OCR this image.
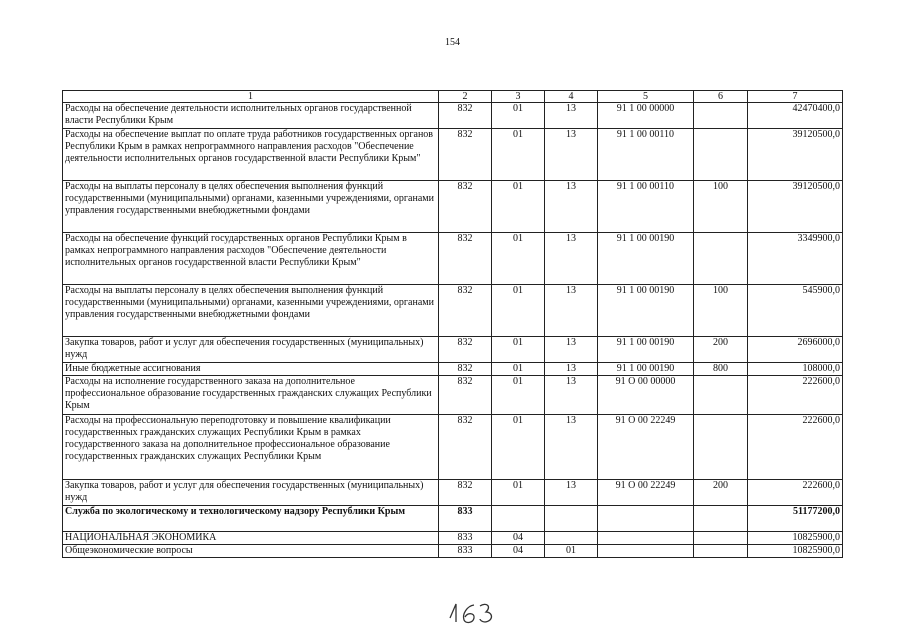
154
1	2	3	4	5	6	7
Расходы на обеспечение деятельности исполнительных органов государственной власти Республики Крым	832	01	13	91 1 00 00000		42470400,0
Расходы на обеспечение выплат по оплате труда работников государственных органов Республики Крым в рамках непрограммного направления расходов "Обеспечение деятельности исполнительных органов государственной власти Республики Крым"	832	01	13	91 1 00 00110		39120500,0
Расходы на выплаты персоналу в целях обеспечения выполнения функций государственными (муниципальными) органами, казенными учреждениями, органами управления государственными внебюджетными фондами	832	01	13	91 1 00 00110	100	39120500,0
Расходы на обеспечение функций государственных органов Республики Крым в рамках непрограммного направления расходов "Обеспечение деятельности исполнительных органов государственной власти Республики Крым"	832	01	13	91 1 00 00190		3349900,0
Расходы на выплаты персоналу в целях обеспечения выполнения функций государственными (муниципальными) органами, казенными учреждениями, органами управления государственными внебюджетными фондами	832	01	13	91 1 00 00190	100	545900,0
Закупка товаров, работ и услуг для обеспечения государственных (муниципальных) нужд	832	01	13	91 1 00 00190	200	2696000,0
Иные бюджетные ассигнования	832	01	13	91 1 00 00190	800	108000,0
Расходы на исполнение государственного заказа на дополнительное профессиональное образование государственных гражданских служащих Республики Крым	832	01	13	91 О 00 00000		222600,0
Расходы на профессиональную переподготовку и повышение квалификации государственных гражданских служащих Республики Крым в рамках государственного заказа на дополнительное профессиональное образование государственных гражданских служащих Республики Крым	832	01	13	91 О 00 22249		222600,0
Закупка товаров, работ и услуг для обеспечения государственных (муниципальных) нужд	832	01	13	91 О 00 22249	200	222600,0
Служба по экологическому и технологическому надзору Республики Крым	833					51177200,0
НАЦИОНАЛЬНАЯ ЭКОНОМИКА	833	04				10825900,0
Общеэкономические вопросы	833	04	01			10825900,0
